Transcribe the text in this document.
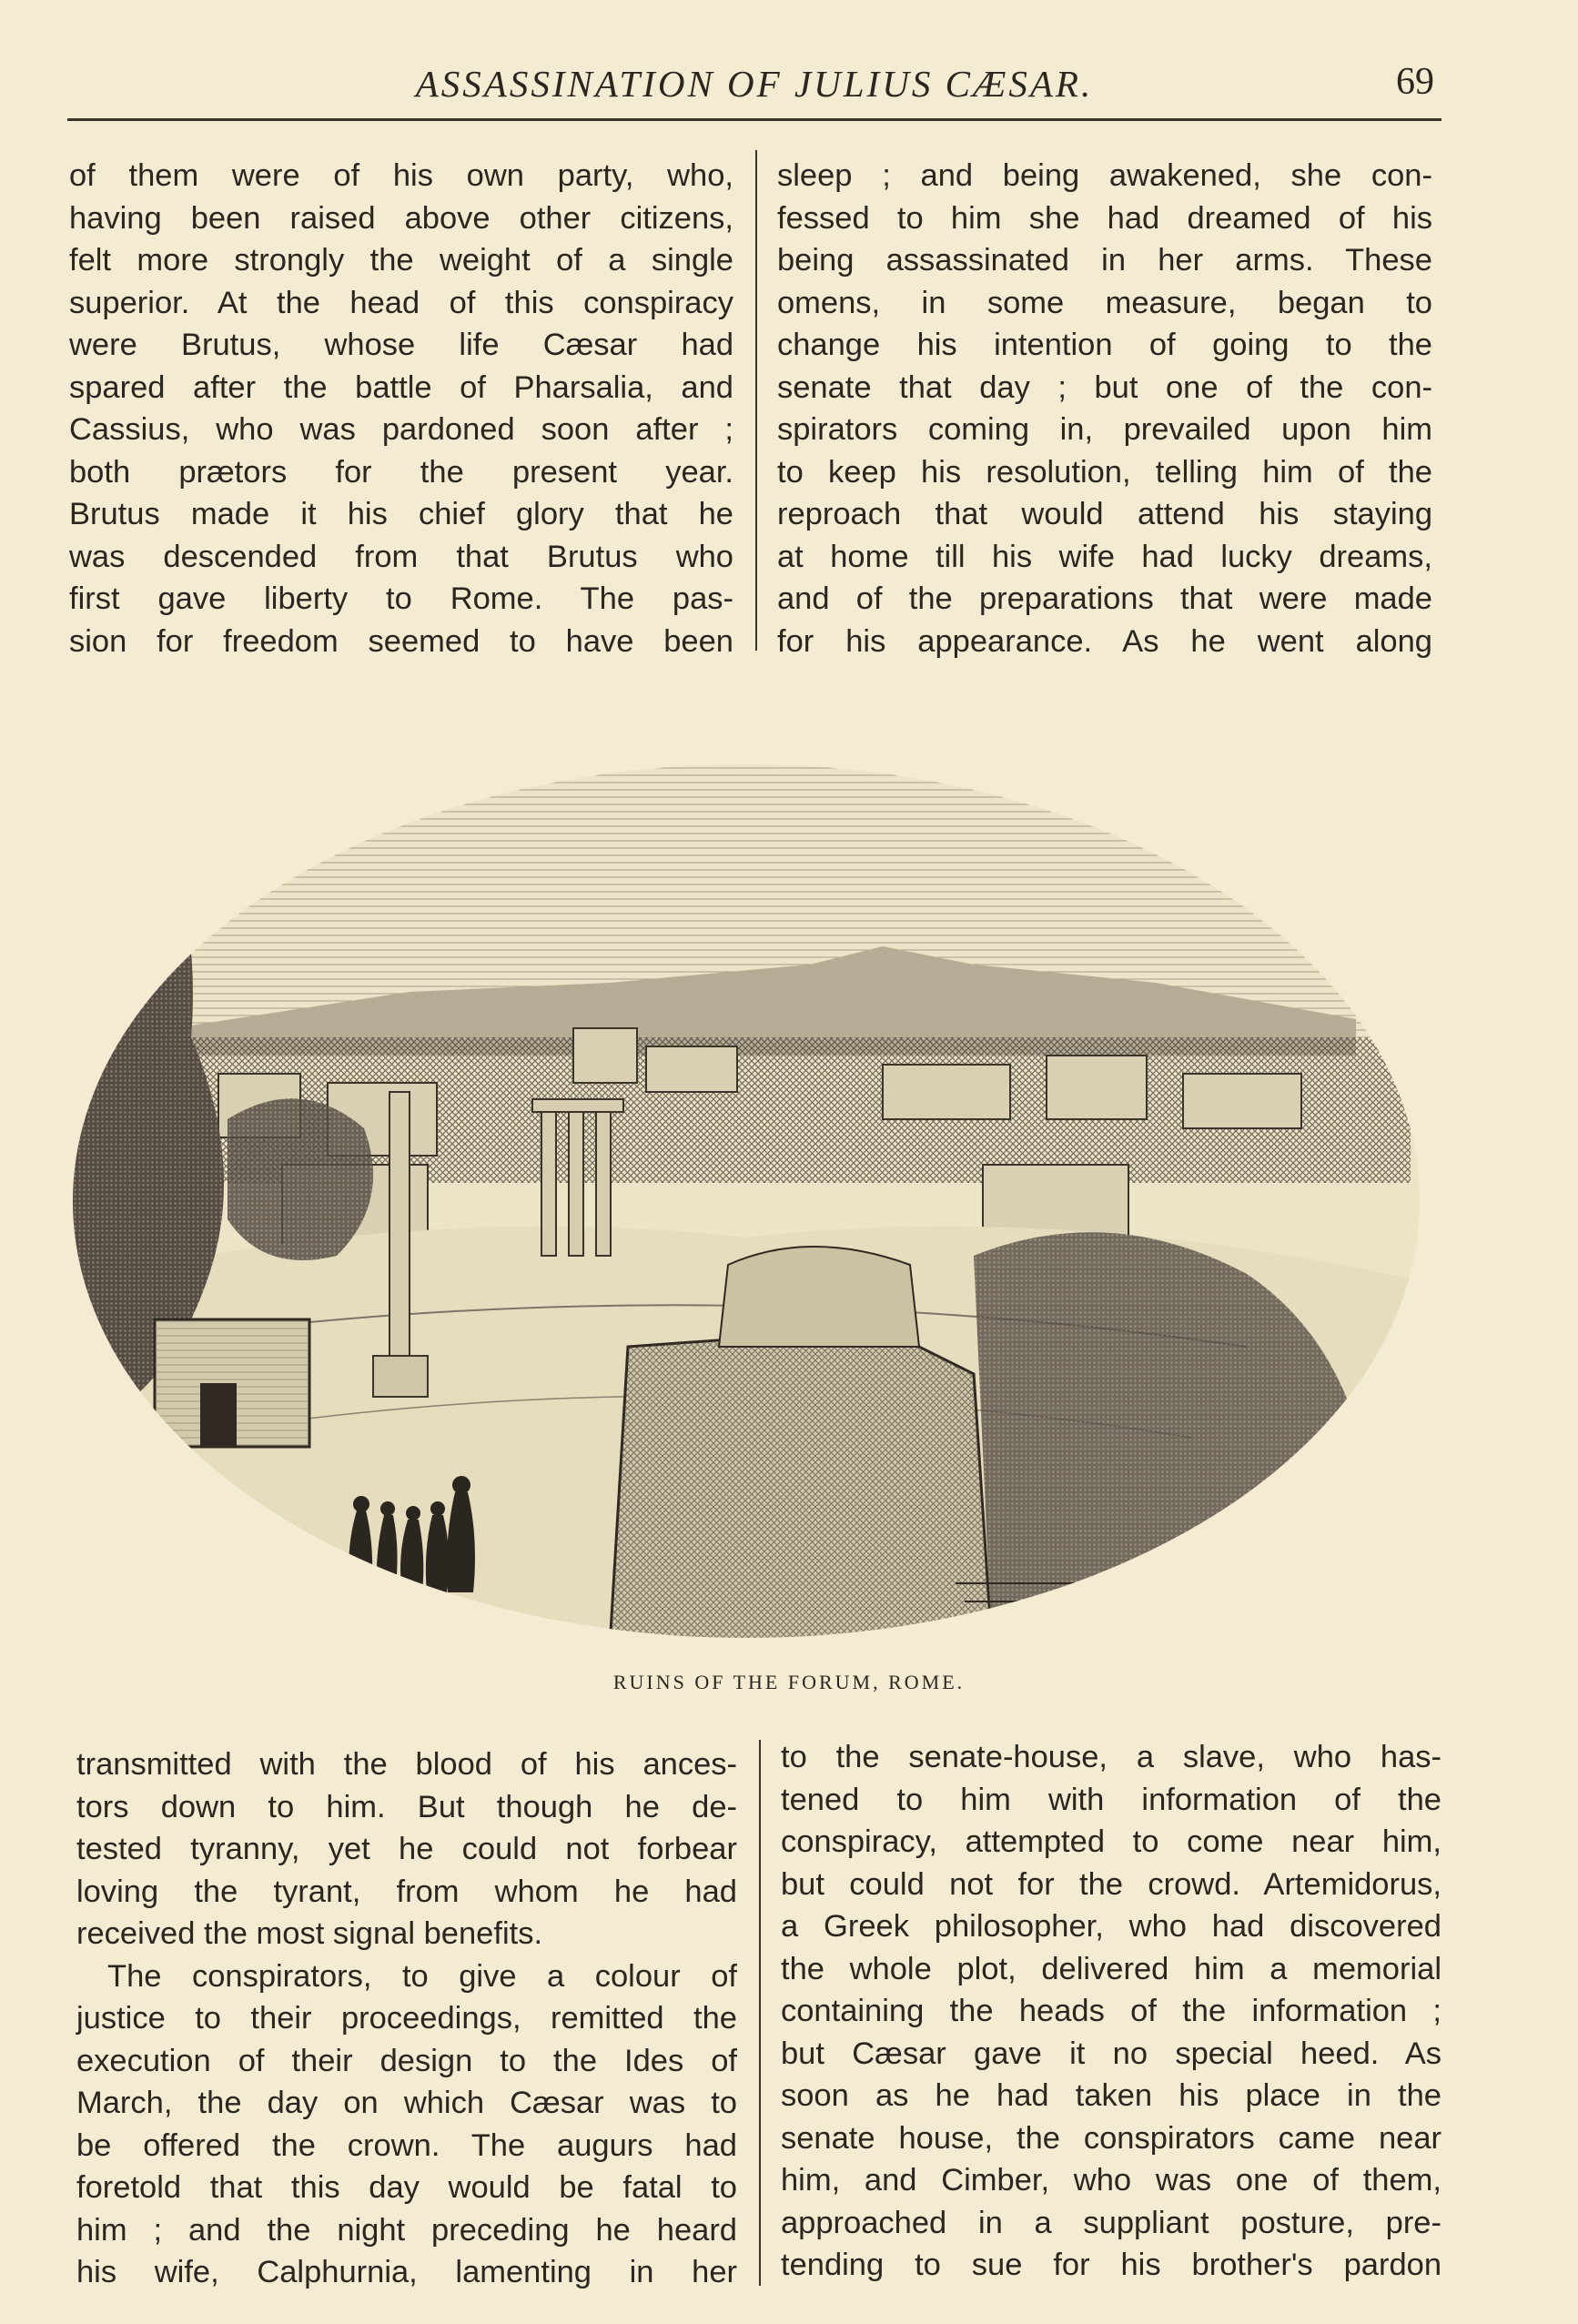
ASSASSINATION OF JULIUS CÆSAR.	69
of them were of his own party, who,
having been raised above other citizens,
felt more strongly the weight of a single
superior. At the head of this conspiracy
were Brutus, whose life Cæsar had
spared after the battle of Pharsalia, and
Cassius, who was pardoned soon after ;
both prætors for the present year.
Brutus made it his chief glory that he
was descended from that Brutus who
first gave liberty to Rome. The pas-
sion for freedom seemed to have been
sleep ; and being awakened, she con-
fessed to him she had dreamed of his
being assassinated in her arms. These
omens, in some measure, began to
change his intention of going to the
senate that day ; but one of the con-
spirators coming in, prevailed upon him
to keep his resolution, telling him of the
reproach that would attend his staying
at home till his wife had lucky dreams,
and of the preparations that were made
for his appearance. As he went along
RUINS OF THE FORUM, ROME.
transmitted with the blood of his ances-
tors down to him. But though he de-
tested tyranny, yet he could not forbear
loving the tyrant, from whom he had
received the most signal benefits.
The conspirators, to give a colour of
justice to their proceedings, remitted the
execution of their design to the Ides of
March, the day on which Cæsar was to
be offered the crown. The augurs had
foretold that this day would be fatal to
him ; and the night preceding he heard
his wife, Calphurnia, lamenting in her
to the senate-house, a slave, who has-
tened to him with information of the
conspiracy, attempted to come near him,
but could not for the crowd. Artemidorus,
a Greek philosopher, who had discovered
the whole plot, delivered him a memorial
containing the heads of the information ;
but Cæsar gave it no special heed. As
soon as he had taken his place in the
senate house, the conspirators came near
him, and Cimber, who was one of them,
approached in a suppliant posture, pre-
tending to sue for his brother's pardon
